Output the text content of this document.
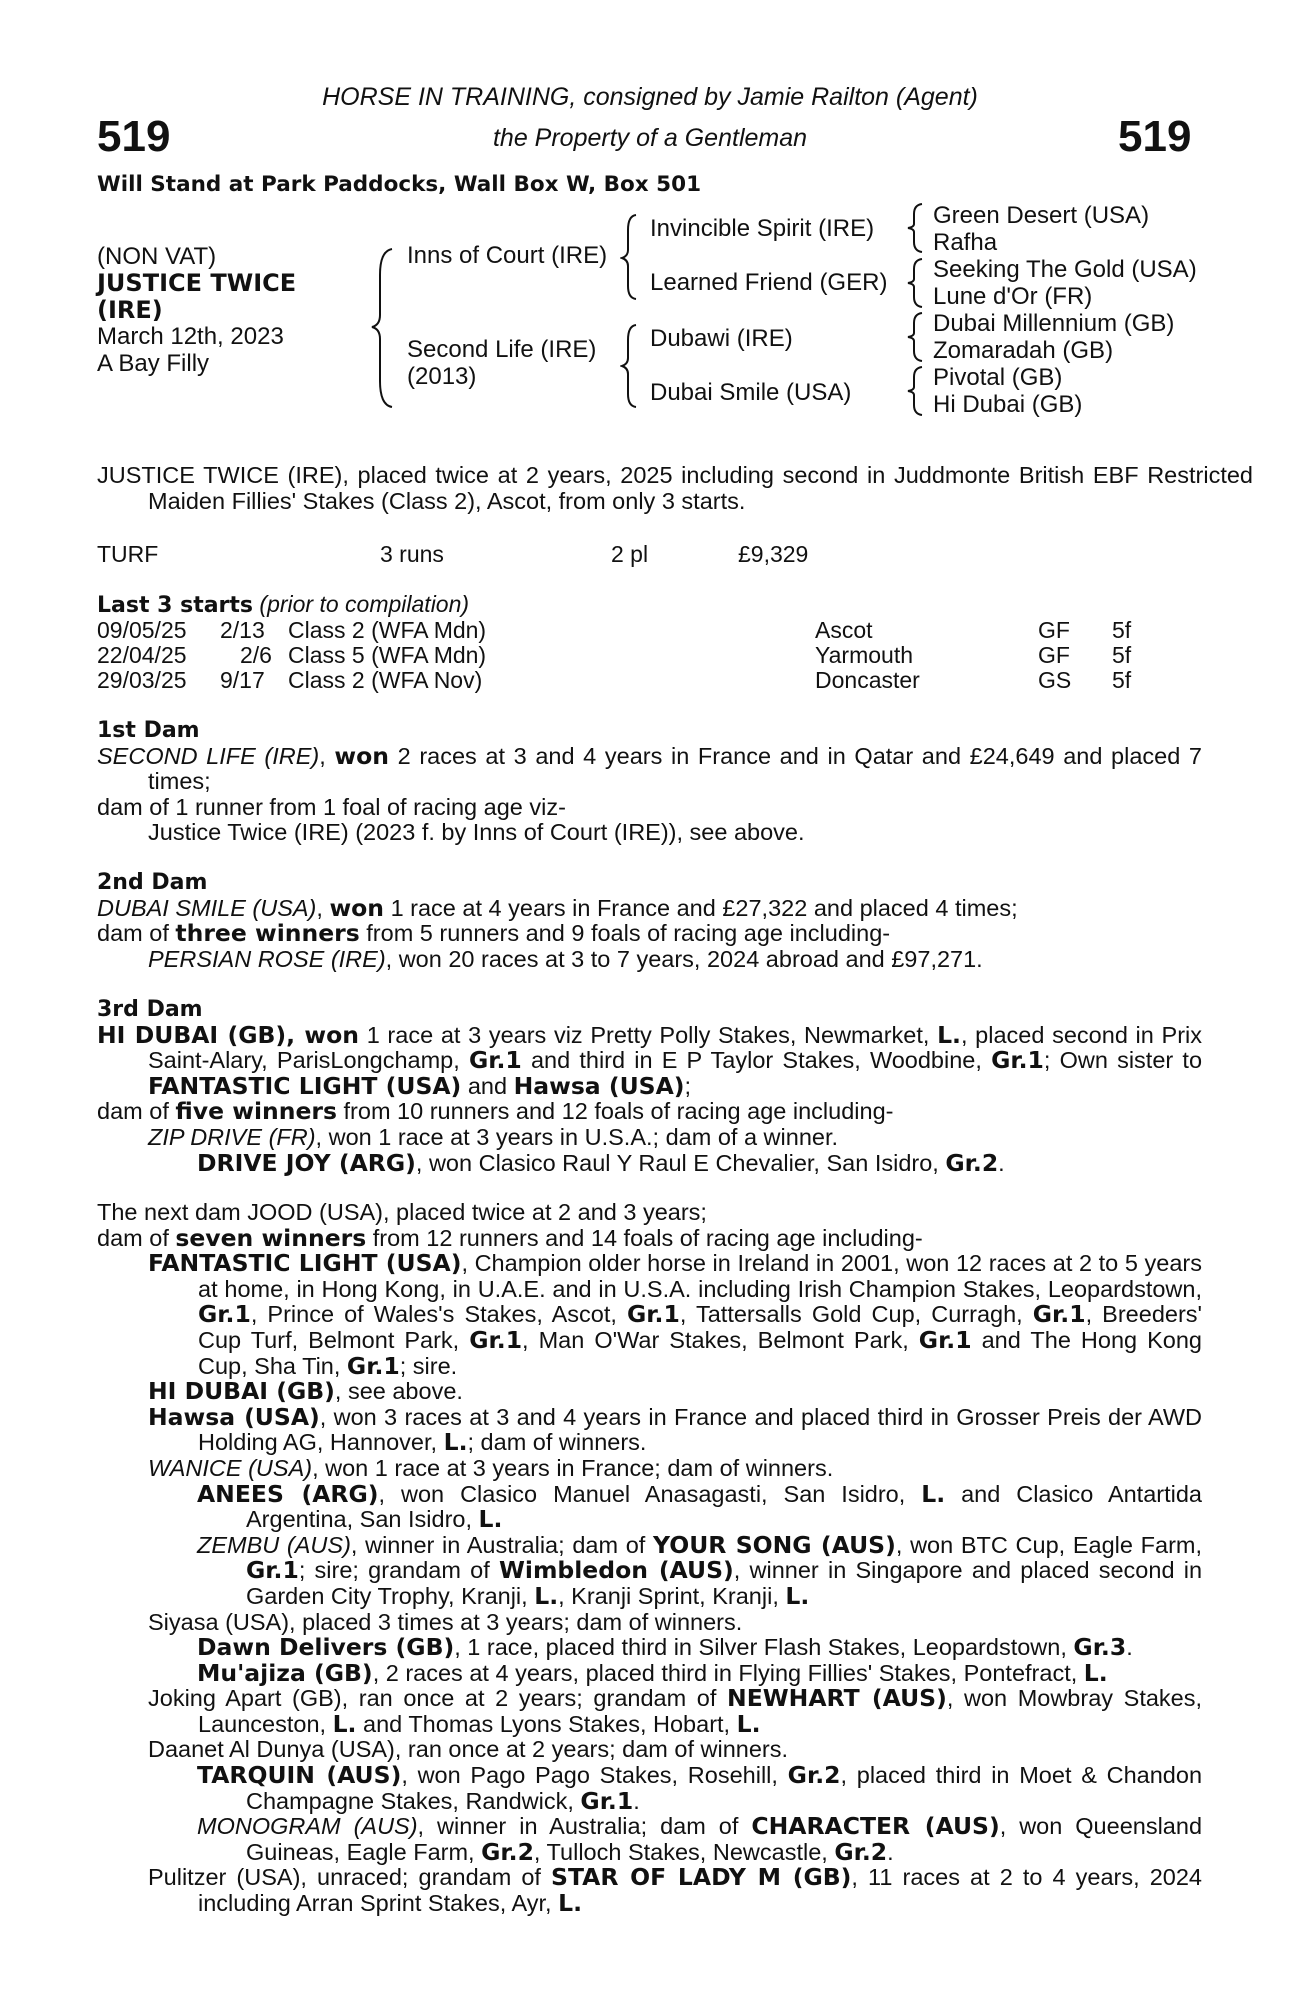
519	519
HORSE IN TRAINING, consigned by Jamie Railton (Agent)
the Property of a Gentleman
Will Stand at Park Paddocks, Wall Box W, Box 501
(NON VAT)
JUSTICE TWICE
(IRE)
March 12th, 2023
A Bay Filly
Inns of Court (IRE)
Second Life (IRE)
(2013)
Invincible Spirit (IRE)
Learned Friend (GER)
Dubawi (IRE)
Dubai Smile (USA)
Green Desert (USA)
Rafha
Seeking The Gold (USA)
Lune d'Or (FR)
Dubai Millennium (GB)
Zomaradah (GB)
Pivotal (GB)
Hi Dubai (GB)

JUSTICE TWICE (IRE), placed twice at 2 years, 2025 including second in Juddmonte British EBF Restricted Maiden Fillies' Stakes (Class 2), Ascot, from only 3 starts.

TURF	3 runs	2 pl	£9,329
Last 3 starts (prior to compilation)
09/05/25 2/13 Class 2 (WFA Mdn)	Ascot	GF 5f
22/04/25 2/6 Class 5 (WFA Mdn)	Yarmouth	GF 5f
29/03/25 9/17 Class 2 (WFA Nov)	Doncaster	GS 5f

1st Dam

SECOND LIFE (IRE), won 2 races at 3 and 4 years in France and in Qatar and £24,649 and placed 7 times;

dam of 1 runner from 1 foal of racing age viz-

Justice Twice (IRE) (2023 f. by Inns of Court (IRE)), see above.

2nd Dam

DUBAI SMILE (USA), won 1 race at 4 years in France and £27,322 and placed 4 times;

dam of three winners from 5 runners and 9 foals of racing age including-

PERSIAN ROSE (IRE), won 20 races at 3 to 7 years, 2024 abroad and £97,271.

3rd Dam

HI DUBAI (GB), won 1 race at 3 years viz Pretty Polly Stakes, Newmarket, L., placed second in Prix Saint-Alary, ParisLongchamp, Gr.1 and third in E P Taylor Stakes, Woodbine, Gr.1; Own sister to FANTASTIC LIGHT (USA) and Hawsa (USA);

dam of five winners from 10 runners and 12 foals of racing age including-

ZIP DRIVE (FR), won 1 race at 3 years in U.S.A.; dam of a winner.

DRIVE JOY (ARG), won Clasico Raul Y Raul E Chevalier, San Isidro, Gr.2.

The next dam JOOD (USA), placed twice at 2 and 3 years;

dam of seven winners from 12 runners and 14 foals of racing age including-

FANTASTIC LIGHT (USA), Champion older horse in Ireland in 2001, won 12 races at 2 to 5 years at home, in Hong Kong, in U.A.E. and in U.S.A. including Irish Champion Stakes, Leopardstown, Gr.1, Prince of Wales's Stakes, Ascot, Gr.1, Tattersalls Gold Cup, Curragh, Gr.1, Breeders' Cup Turf, Belmont Park, Gr.1, Man O'War Stakes, Belmont Park, Gr.1 and The Hong Kong Cup, Sha Tin, Gr.1; sire.

HI DUBAI (GB), see above.

Hawsa (USA), won 3 races at 3 and 4 years in France and placed third in Grosser Preis der AWD Holding AG, Hannover, L.; dam of winners.

WANICE (USA), won 1 race at 3 years in France; dam of winners.

ANEES (ARG), won Clasico Manuel Anasagasti, San Isidro, L. and Clasico Antartida Argentina, San Isidro, L.

ZEMBU (AUS), winner in Australia; dam of YOUR SONG (AUS), won BTC Cup, Eagle Farm, Gr.1; sire; grandam of Wimbledon (AUS), winner in Singapore and placed second in Garden City Trophy, Kranji, L., Kranji Sprint, Kranji, L.

Siyasa (USA), placed 3 times at 3 years; dam of winners.

Dawn Delivers (GB), 1 race, placed third in Silver Flash Stakes, Leopardstown, Gr.3.

Mu'ajiza (GB), 2 races at 4 years, placed third in Flying Fillies' Stakes, Pontefract, L.

Joking Apart (GB), ran once at 2 years; grandam of NEWHART (AUS), won Mowbray Stakes, Launceston, L. and Thomas Lyons Stakes, Hobart, L.

Daanet Al Dunya (USA), ran once at 2 years; dam of winners.

TARQUIN (AUS), won Pago Pago Stakes, Rosehill, Gr.2, placed third in Moet & Chandon Champagne Stakes, Randwick, Gr.1.

MONOGRAM (AUS), winner in Australia; dam of CHARACTER (AUS), won Queensland Guineas, Eagle Farm, Gr.2, Tulloch Stakes, Newcastle, Gr.2.

Pulitzer (USA), unraced; grandam of STAR OF LADY M (GB), 11 races at 2 to 4 years, 2024 including Arran Sprint Stakes, Ayr, L.
